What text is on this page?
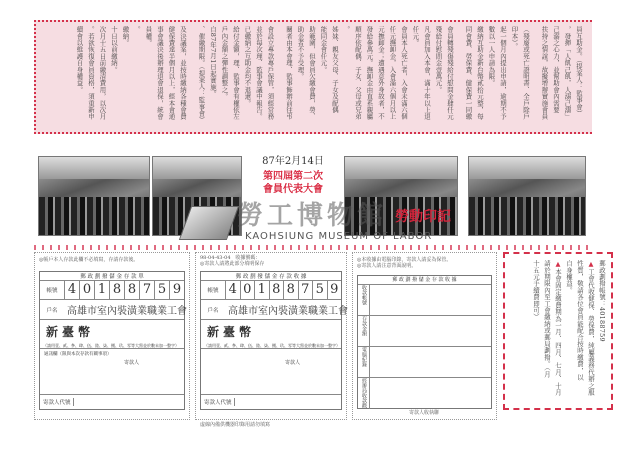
員互助金。（提案人：監事會）
，發揮「人飢己飢，人溺己溺」
己溺之心力，並幫助會內需要
扶持之情誼，故擬增辦實施會員
（殘廢或死亡證明書、全戶除戶
印本）。
起一個月內提出申請，逾期不予
數以一人申請為限。
繳納互助金新台幣貳拾元整，每
同會費、勞保費、健保費一同繳
會員轉殘傷殘給付慰問金肆仟元
殘給付慰問金壹萬元。
凡會員加入本會，滿十年以上退
仟元。
會員本人死亡者，入會未滿六個
仟元撫卹金，入會滿六個月以上
元撫卹金；遭遇意外身故者，不
發給參萬元。撫卹金由直系親屬
順序依配偶、子女、父母或兄弟
。
姊妹、親友父母、子女及配偶
能同金會仟元。
助範圍，但會員欠繳會費，勞、
助金者不予受理。
關者由本會理、監事飾辦前往弔
會設立專款專戶保管，須經常務
並於每次理、監事會議中報告。
已繳納之互助金均不退還。
給付金額，理、監事會有權依左
戶內金額之彈性調整之。
自87年7月1日起實施。
、催繳期限。（提案人：監事會）
及決議案，並按時繳納各種會費
健保費達半個月以上，經本會通
事會議決後辦理退會退保，統會
員權。
。
繳納。
十日以前繳納。
次月十五日前繳清費用，以次月
。若欲恢復會員資格，須重新申
續會以維護自身權益。
87年2月14日
第四屆第二次
會員代表大會
勞工博物館 勞動印記
KAOHSIUNG MUSEUM OF LABOR
◎帳戶本人存款此欄不必填寫，存請存款後。
郵 政 劃 撥 儲 金 存 款 單
帳號 4 0 1 8 8 7 5 9
戶名 高雄市室內裝潢業職業工會
新臺幣
（請用壹、貳、參、肆、伍、陸、柒、捌、玖、零等大寫並於數末加一整字）
通訊欄（限與本次存款有關事項）
寄款人
寄款人代號
98-04-43-04 收據號碼：
◎寄款人請將此部分填明保存
郵 政 劃 撥 儲 金 存 款 收 據
帳號 4 0 1 8 8 7 5 9
戶名 高雄市室內裝潢業職業工會
新臺幣
（請用壹、貳、參、肆、伍、陸、柒、捌、玖、零等大寫並於數末加一整字）
寄款人
寄款人代號
虛線內備供機器印錄用請勿填寫
◎本收據由電腦印錄，寄款人請妥為保管。
◎寄款人請注意背面說明。
郵 政 劃 撥 儲 金 存 款 收 據
收款帳號
存款金額
電腦紀錄
經辦局收款戳
寄款人收執聯
郵政劃撥帳號：40188759
▲工會代收健保、勞保費，純屬義務代辦之服
性質，敬請各位會員能配合按時繳費，以
自身權益。
▲本會固定繳費期為一月、四月、七月、十月
請於期限內至工會繳納或郵局劃撥。（月
十五元手續費即可）
